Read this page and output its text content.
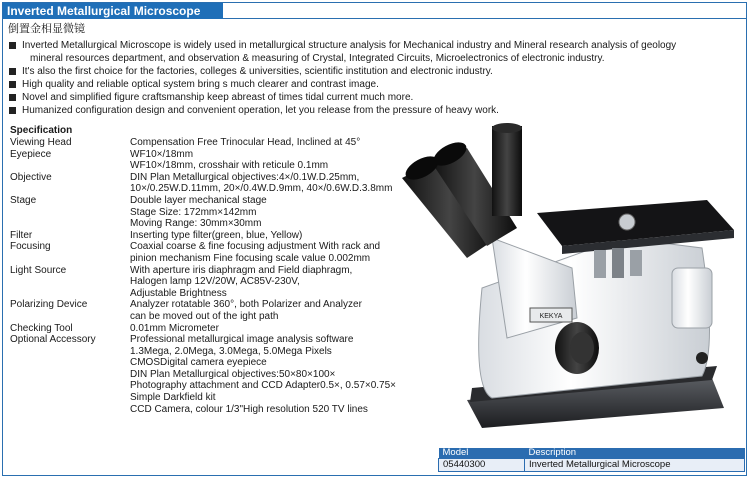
Inverted Metallurgical Microscope
倒置金相显微镜
Inverted Metallurgical Microscope is widely used in metallurgical structure analysis for Mechanical industry and Mineral research analysis of geology
mineral resources department, and observation & measuring of Crystal, Integrated Circuits, Microelectronics of electronic industry.
It's also the first choice for the factories, colleges & universities, scientific institution and electronic industry.
High quality and reliable optical system bring s much clearer and contrast image.
Novel and simplified figure craftsmanship keep abreast of times tidal current much more.
Humanized configuration design and convenient operation, let you release from the pressure of heavy work.
Specification
Viewing Head	Compensation Free Trinocular Head, Inclined at 45°
Eyepiece	WF10×/18mm
WF10×/18mm, crosshair with reticule 0.1mm
Objective	DIN Plan Metallurgical objectives:4×/0.1W.D.25mm,
10×/0.25W.D.11mm, 20×/0.4W.D.9mm, 40×/0.6W.D.3.8mm
Stage	Double layer mechanical stage
Stage Size: 172mm×142mm
Moving Range: 30mm×30mm
Filter	Inserting type filter(green, blue, Yellow)
Focusing	Coaxial coarse & fine focusing adjustment With rack and
pinion mechanism Fine focusing scale value 0.002mm
Light Source	With aperture iris diaphragm and Field diaphragm,
Halogen lamp 12V/20W, AC85V-230V,
Adjustable Brightness
Polarizing Device	Analyzer rotatable 360°, both Polarizer and Analyzer
can be moved out of the ight path
Checking Tool	0.01mm Micrometer
Optional Accessory	Professional metallurgical image analysis software
1.3Mega, 2.0Mega, 3.0Mega, 5.0Mega Pixels
CMOSDigital camera eyepiece
DIN Plan Metallurgical objectives:50×80×100×
Photography attachment and CCD Adapter0.5×, 0.57×0.75×
Simple Darkfield kit
CCD Camera, colour 1/3"High resolution 520 TV lines
KEKYA
Model	Description
05440300	Inverted Metallurgical Microscope
